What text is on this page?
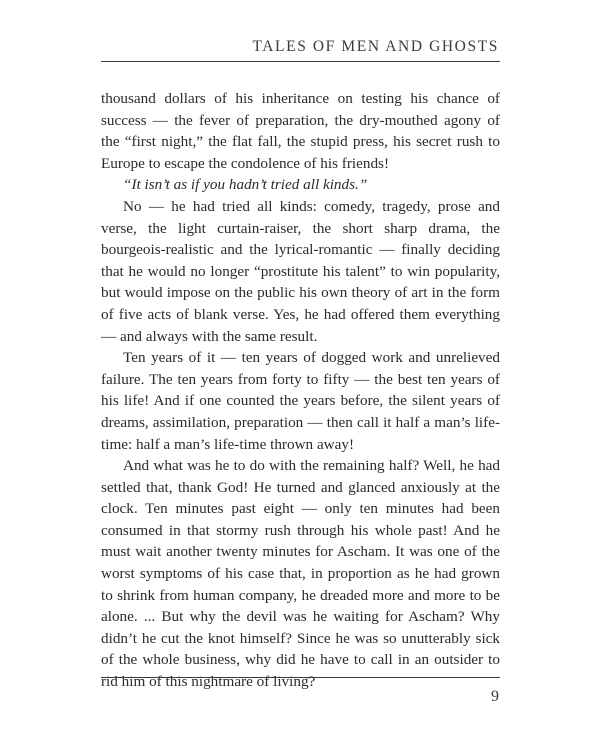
TALES OF MEN AND GHOSTS

thousand dollars of his inheritance on testing his chance of success — the fever of preparation, the dry-mouthed agony of the “first night,” the flat fall, the stupid press, his secret rush to Europe to escape the condolence of his friends!

“It isn’t as if you hadn’t tried all kinds.”

No — he had tried all kinds: comedy, tragedy, prose and verse, the light curtain-raiser, the short sharp drama, the bourgeois-realistic and the lyrical-romantic — finally deciding that he would no longer “prostitute his talent” to win popularity, but would impose on the public his own theory of art in the form of five acts of blank verse. Yes, he had offered them everything — and always with the same result.

Ten years of it — ten years of dogged work and unrelieved failure. The ten years from forty to fifty — the best ten years of his life! And if one counted the years before, the silent years of dreams, assimilation, preparation — then call it half a man’s life-time: half a man’s life-time thrown away!

And what was he to do with the remaining half? Well, he had settled that, thank God! He turned and glanced anxiously at the clock. Ten minutes past eight — only ten minutes had been consumed in that stormy rush through his whole past! And he must wait another twenty minutes for Ascham. It was one of the worst symptoms of his case that, in proportion as he had grown to shrink from human company, he dreaded more and more to be alone. ... But why the devil was he waiting for Ascham? Why didn’t he cut the knot himself? Since he was so unutterably sick of the whole business, why did he have to call in an outsider to rid him of this nightmare of living?

9
